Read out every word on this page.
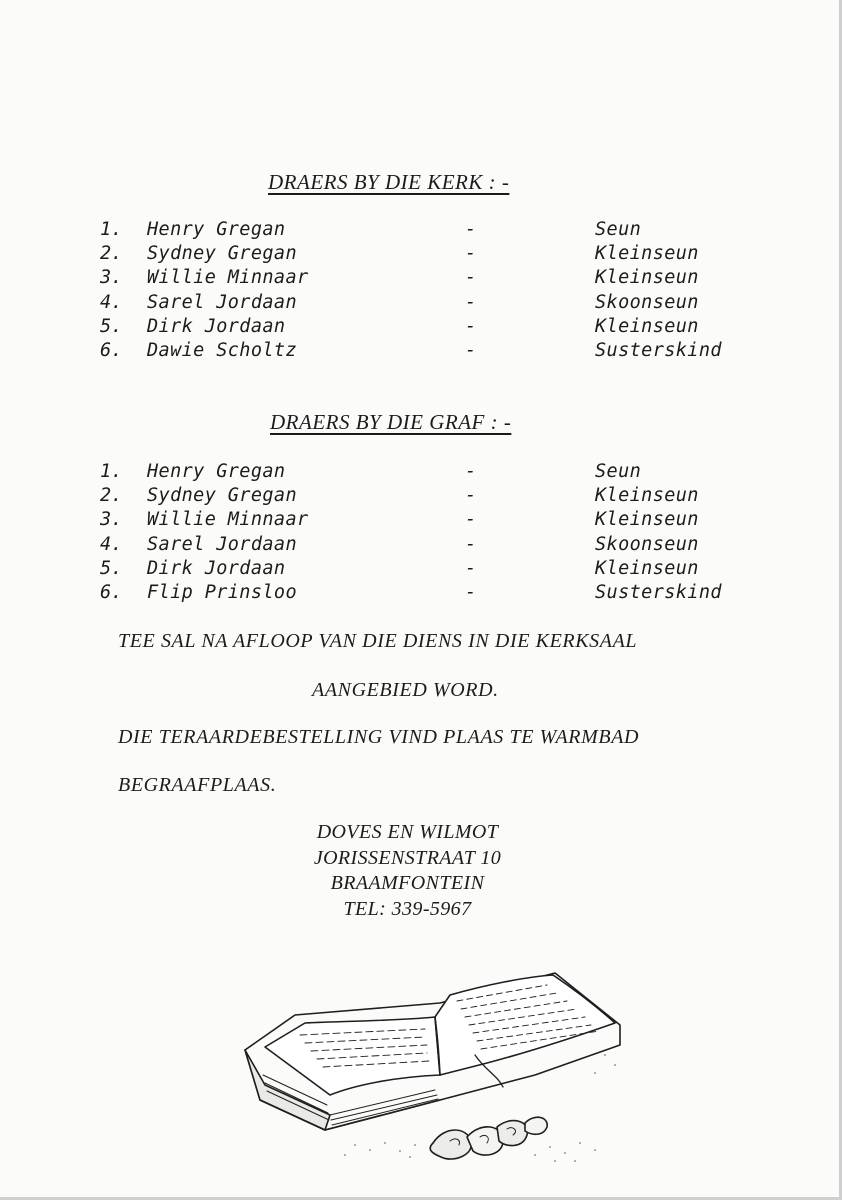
DRAERS BY DIE KERK : -
1. Henry Gregan	-	Seun
2. Sydney Gregan	-	Kleinseun
3. Willie Minnaar	-	Kleinseun
4. Sarel Jordaan	-	Skoonseun
5. Dirk Jordaan	-	Kleinseun
6. Dawie Scholtz	-	Susterskind
DRAERS BY DIE GRAF : -
1. Henry Gregan	-	Seun
2. Sydney Gregan	-	Kleinseun
3. Willie Minnaar	-	Kleinseun
4. Sarel Jordaan	-	Skoonseun
5. Dirk Jordaan	-	Kleinseun
6. Flip Prinsloo	-	Susterskind
TEE SAL NA AFLOOP VAN DIE DIENS IN DIE KERKSAAL
AANGEBIED WORD.
DIE TERAARDEBESTELLING VIND PLAAS TE WARMBAD
BEGRAAFPLAAS.
DOVES EN WILMOT
JORISSENSTRAAT 10
BRAAMFONTEIN
TEL: 339-5967
